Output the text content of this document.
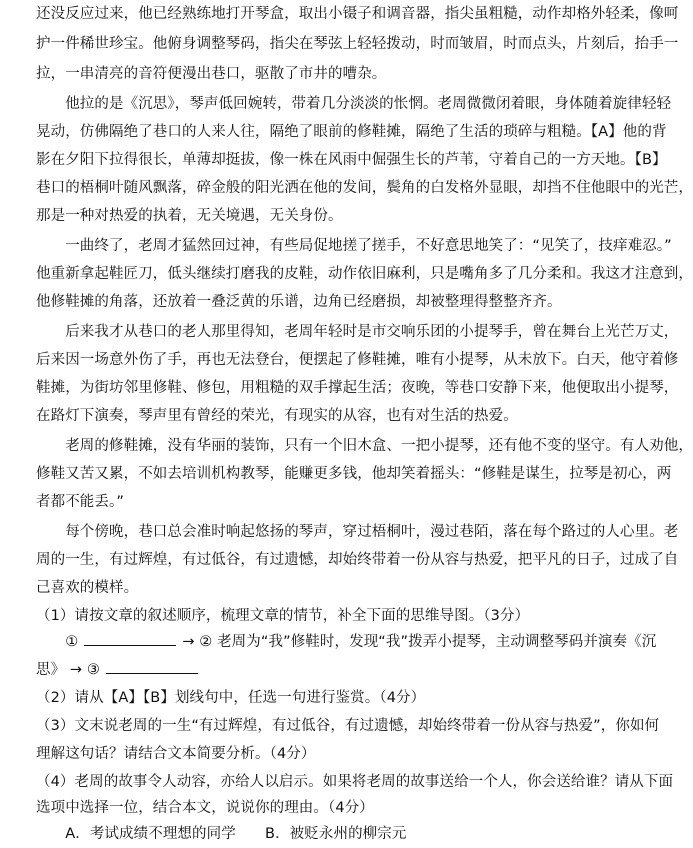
还没反应过来，他已经熟练地打开琴盒，取出小镊子和调音器，指尖虽粗糙，动作却格外轻柔，像呵
护一件稀世珍宝。他俯身调整琴码，指尖在琴弦上轻轻拨动，时而皱眉，时而点头，片刻后，抬手一
拉，一串清亮的音符便漫出巷口，驱散了市井的嘈杂。
　　他拉的是《沉思》，琴声低回婉转，带着几分淡淡的怅惘。老周微微闭着眼，身体随着旋律轻轻
晃动，仿佛隔绝了巷口的人来人往，隔绝了眼前的修鞋摊，隔绝了生活的琐碎与粗糙。【A】他的背
影在夕阳下拉得很长，单薄却挺拔，像一株在风雨中倔强生长的芦苇，守着自己的一方天地。【B】
巷口的梧桐叶随风飘落，碎金般的阳光洒在他的发间，鬓角的白发格外显眼，却挡不住他眼中的光芒，
那是一种对热爱的执着，无关境遇，无关身份。
　　一曲终了，老周才猛然回过神，有些局促地搓了搓手，不好意思地笑了：“见笑了，技痒难忍。”
他重新拿起鞋匠刀，低头继续打磨我的皮鞋，动作依旧麻利，只是嘴角多了几分柔和。我这才注意到，
他修鞋摊的角落，还放着一叠泛黄的乐谱，边角已经磨损，却被整理得整整齐齐。
　　后来我才从巷口的老人那里得知，老周年轻时是市交响乐团的小提琴手，曾在舞台上光芒万丈，
后来因一场意外伤了手，再也无法登台，便摆起了修鞋摊，唯有小提琴，从未放下。白天，他守着修
鞋摊，为街坊邻里修鞋、修包，用粗糙的双手撑起生活；夜晚，等巷口安静下来，他便取出小提琴，
在路灯下演奏，琴声里有曾经的荣光，有现实的从容，也有对生活的热爱。
　　老周的修鞋摊，没有华丽的装饰，只有一个旧木盒、一把小提琴，还有他不变的坚守。有人劝他，
修鞋又苦又累，不如去培训机构教琴，能赚更多钱，他却笑着摇头：“修鞋是谋生，拉琴是初心，两
者都不能丢。”
　　每个傍晚，巷口总会准时响起悠扬的琴声，穿过梧桐叶，漫过巷陌，落在每个路过的人心里。老
周的一生，有过辉煌，有过低谷，有过遗憾，却始终带着一份从容与热爱，把平凡的日子，过成了自
己喜欢的模样。
（1）请按文章的叙述顺序，梳理文章的情节，补全下面的思维导图。（3分）
　　①	→ ② 老周为“我”修鞋时，发现“我”拨弄小提琴，主动调整琴码并演奏《沉
思》 → ③
（2）请从【A】【B】划线句中，任选一句进行鉴赏。（4分）
（3）文末说老周的一生“有过辉煌，有过低谷，有过遗憾，却始终带着一份从容与热爱”，你如何
理解这句话？请结合文本简要分析。（4分）
（4）老周的故事令人动容，亦给人以启示。如果将老周的故事送给一个人，你会送给谁？请从下面
选项中选择一位，结合本文，说说你的理由。（4分）
　　A．考试成绩不理想的同学　　B．被贬永州的柳宗元
